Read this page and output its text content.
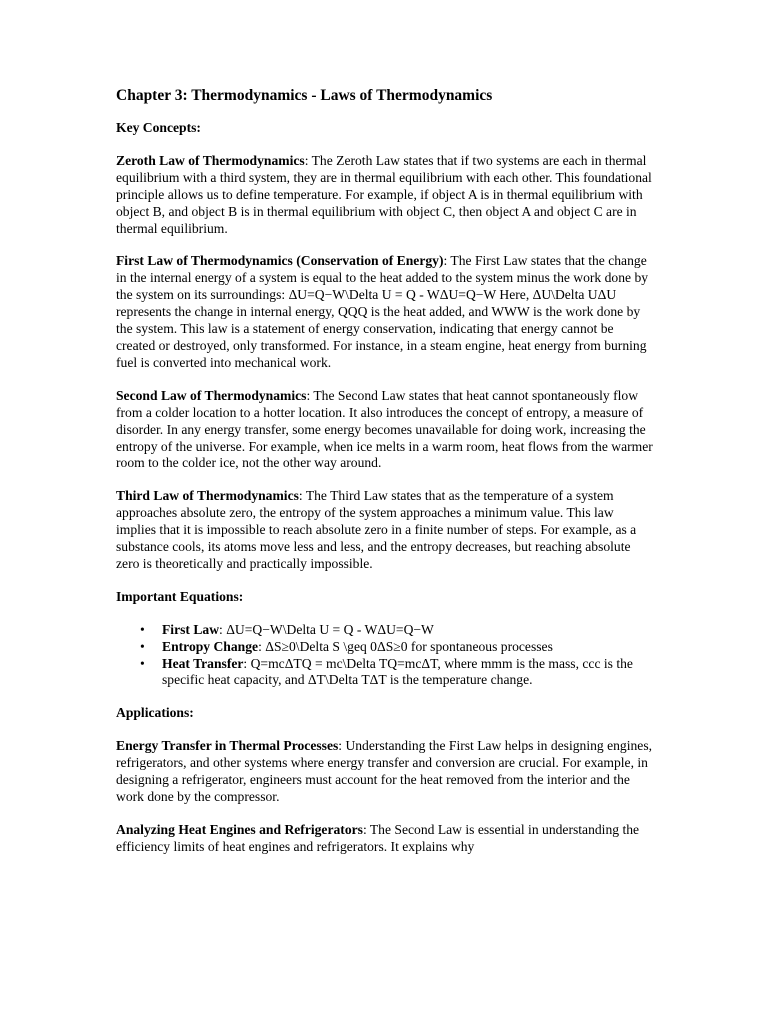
Chapter 3: Thermodynamics - Laws of Thermodynamics
Key Concepts:

Zeroth Law of Thermodynamics: The Zeroth Law states that if two systems are each in thermal equilibrium with a third system, they are in thermal equilibrium with each other. This foundational principle allows us to define temperature. For example, if object A is in thermal equilibrium with object B, and object B is in thermal equilibrium with object C, then object A and object C are in thermal equilibrium.

First Law of Thermodynamics (Conservation of Energy): The First Law states that the change in the internal energy of a system is equal to the heat added to the system minus the work done by the system on its surroundings: ΔU=Q−W\Delta U = Q - WΔU=Q−W Here, ΔU\Delta UΔU represents the change in internal energy, QQQ is the heat added, and WWW is the work done by the system. This law is a statement of energy conservation, indicating that energy cannot be created or destroyed, only transformed. For instance, in a steam engine, heat energy from burning fuel is converted into mechanical work.

Second Law of Thermodynamics: The Second Law states that heat cannot spontaneously flow from a colder location to a hotter location. It also introduces the concept of entropy, a measure of disorder. In any energy transfer, some energy becomes unavailable for doing work, increasing the entropy of the universe. For example, when ice melts in a warm room, heat flows from the warmer room to the colder ice, not the other way around.

Third Law of Thermodynamics: The Third Law states that as the temperature of a system approaches absolute zero, the entropy of the system approaches a minimum value. This law implies that it is impossible to reach absolute zero in a finite number of steps. For example, as a substance cools, its atoms move less and less, and the entropy decreases, but reaching absolute zero is theoretically and practically impossible.

Important Equations:
• First Law: ΔU=Q−W\Delta U = Q - WΔU=Q−W
• Entropy Change: ΔS≥0\Delta S \geq 0ΔS≥0 for spontaneous processes
• Heat Transfer: Q=mcΔTQ = mc\Delta TQ=mcΔT, where mmm is the mass, ccc is the specific heat capacity, and ΔT\Delta TΔT is the temperature change.
Applications:

Energy Transfer in Thermal Processes: Understanding the First Law helps in designing engines, refrigerators, and other systems where energy transfer and conversion are crucial. For example, in designing a refrigerator, engineers must account for the heat removed from the interior and the work done by the compressor.

Analyzing Heat Engines and Refrigerators: The Second Law is essential in understanding the efficiency limits of heat engines and refrigerators. It explains why
